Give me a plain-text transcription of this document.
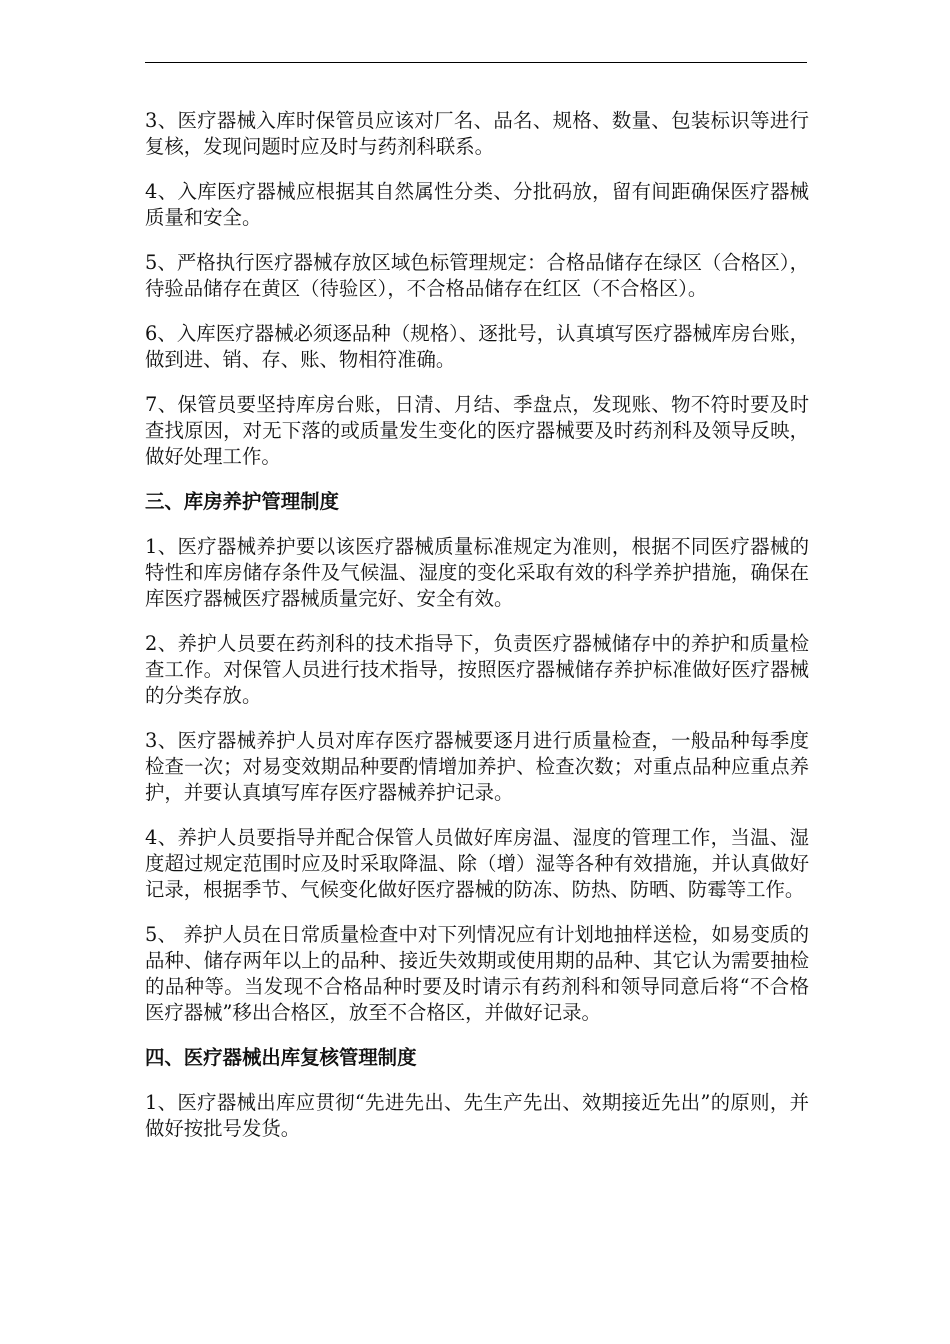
3、医疗器械入库时保管员应该对厂名、品名、规格、数量、包装标识等进行复核，发现问题时应及时与药剂科联系。

4、入库医疗器械应根据其自然属性分类、分批码放，留有间距确保医疗器械质量和安全。

5、严格执行医疗器械存放区域色标管理规定：合格品储存在绿区（合格区），待验品储存在黄区（待验区），不合格品储存在红区（不合格区）。

6、入库医疗器械必须逐品种（规格）、逐批号，认真填写医疗器械库房台账，做到进、销、存、账、物相符准确。

7、保管员要坚持库房台账，日清、月结、季盘点，发现账、物不符时要及时查找原因，对无下落的或质量发生变化的医疗器械要及时药剂科及领导反映，做好处理工作。

三、库房养护管理制度

1、医疗器械养护要以该医疗器械质量标准规定为准则，根据不同医疗器械的特性和库房储存条件及气候温、湿度的变化采取有效的科学养护措施，确保在库医疗器械医疗器械质量完好、安全有效。

2、养护人员要在药剂科的技术指导下，负责医疗器械储存中的养护和质量检查工作。对保管人员进行技术指导，按照医疗器械储存养护标准做好医疗器械的分类存放。

3、医疗器械养护人员对库存医疗器械要逐月进行质量检查，一般品种每季度检查一次；对易变效期品种要酌情增加养护、检查次数；对重点品种应重点养护，并要认真填写库存医疗器械养护记录。

4、养护人员要指导并配合保管人员做好库房温、湿度的管理工作，当温、湿度超过规定范围时应及时采取降温、除（增）湿等各种有效措施，并认真做好记录，根据季节、气候变化做好医疗器械的防冻、防热、防晒、防霉等工作。

5、 养护人员在日常质量检查中对下列情况应有计划地抽样送检，如易变质的品种、储存两年以上的品种、接近失效期或使用期的品种、其它认为需要抽检的品种等。当发现不合格品种时要及时请示有药剂科和领导同意后将“不合格医疗器械”移出合格区，放至不合格区，并做好记录。

四、医疗器械出库复核管理制度

1、医疗器械出库应贯彻“先进先出、先生产先出、效期接近先出”的原则，并做好按批号发货。
